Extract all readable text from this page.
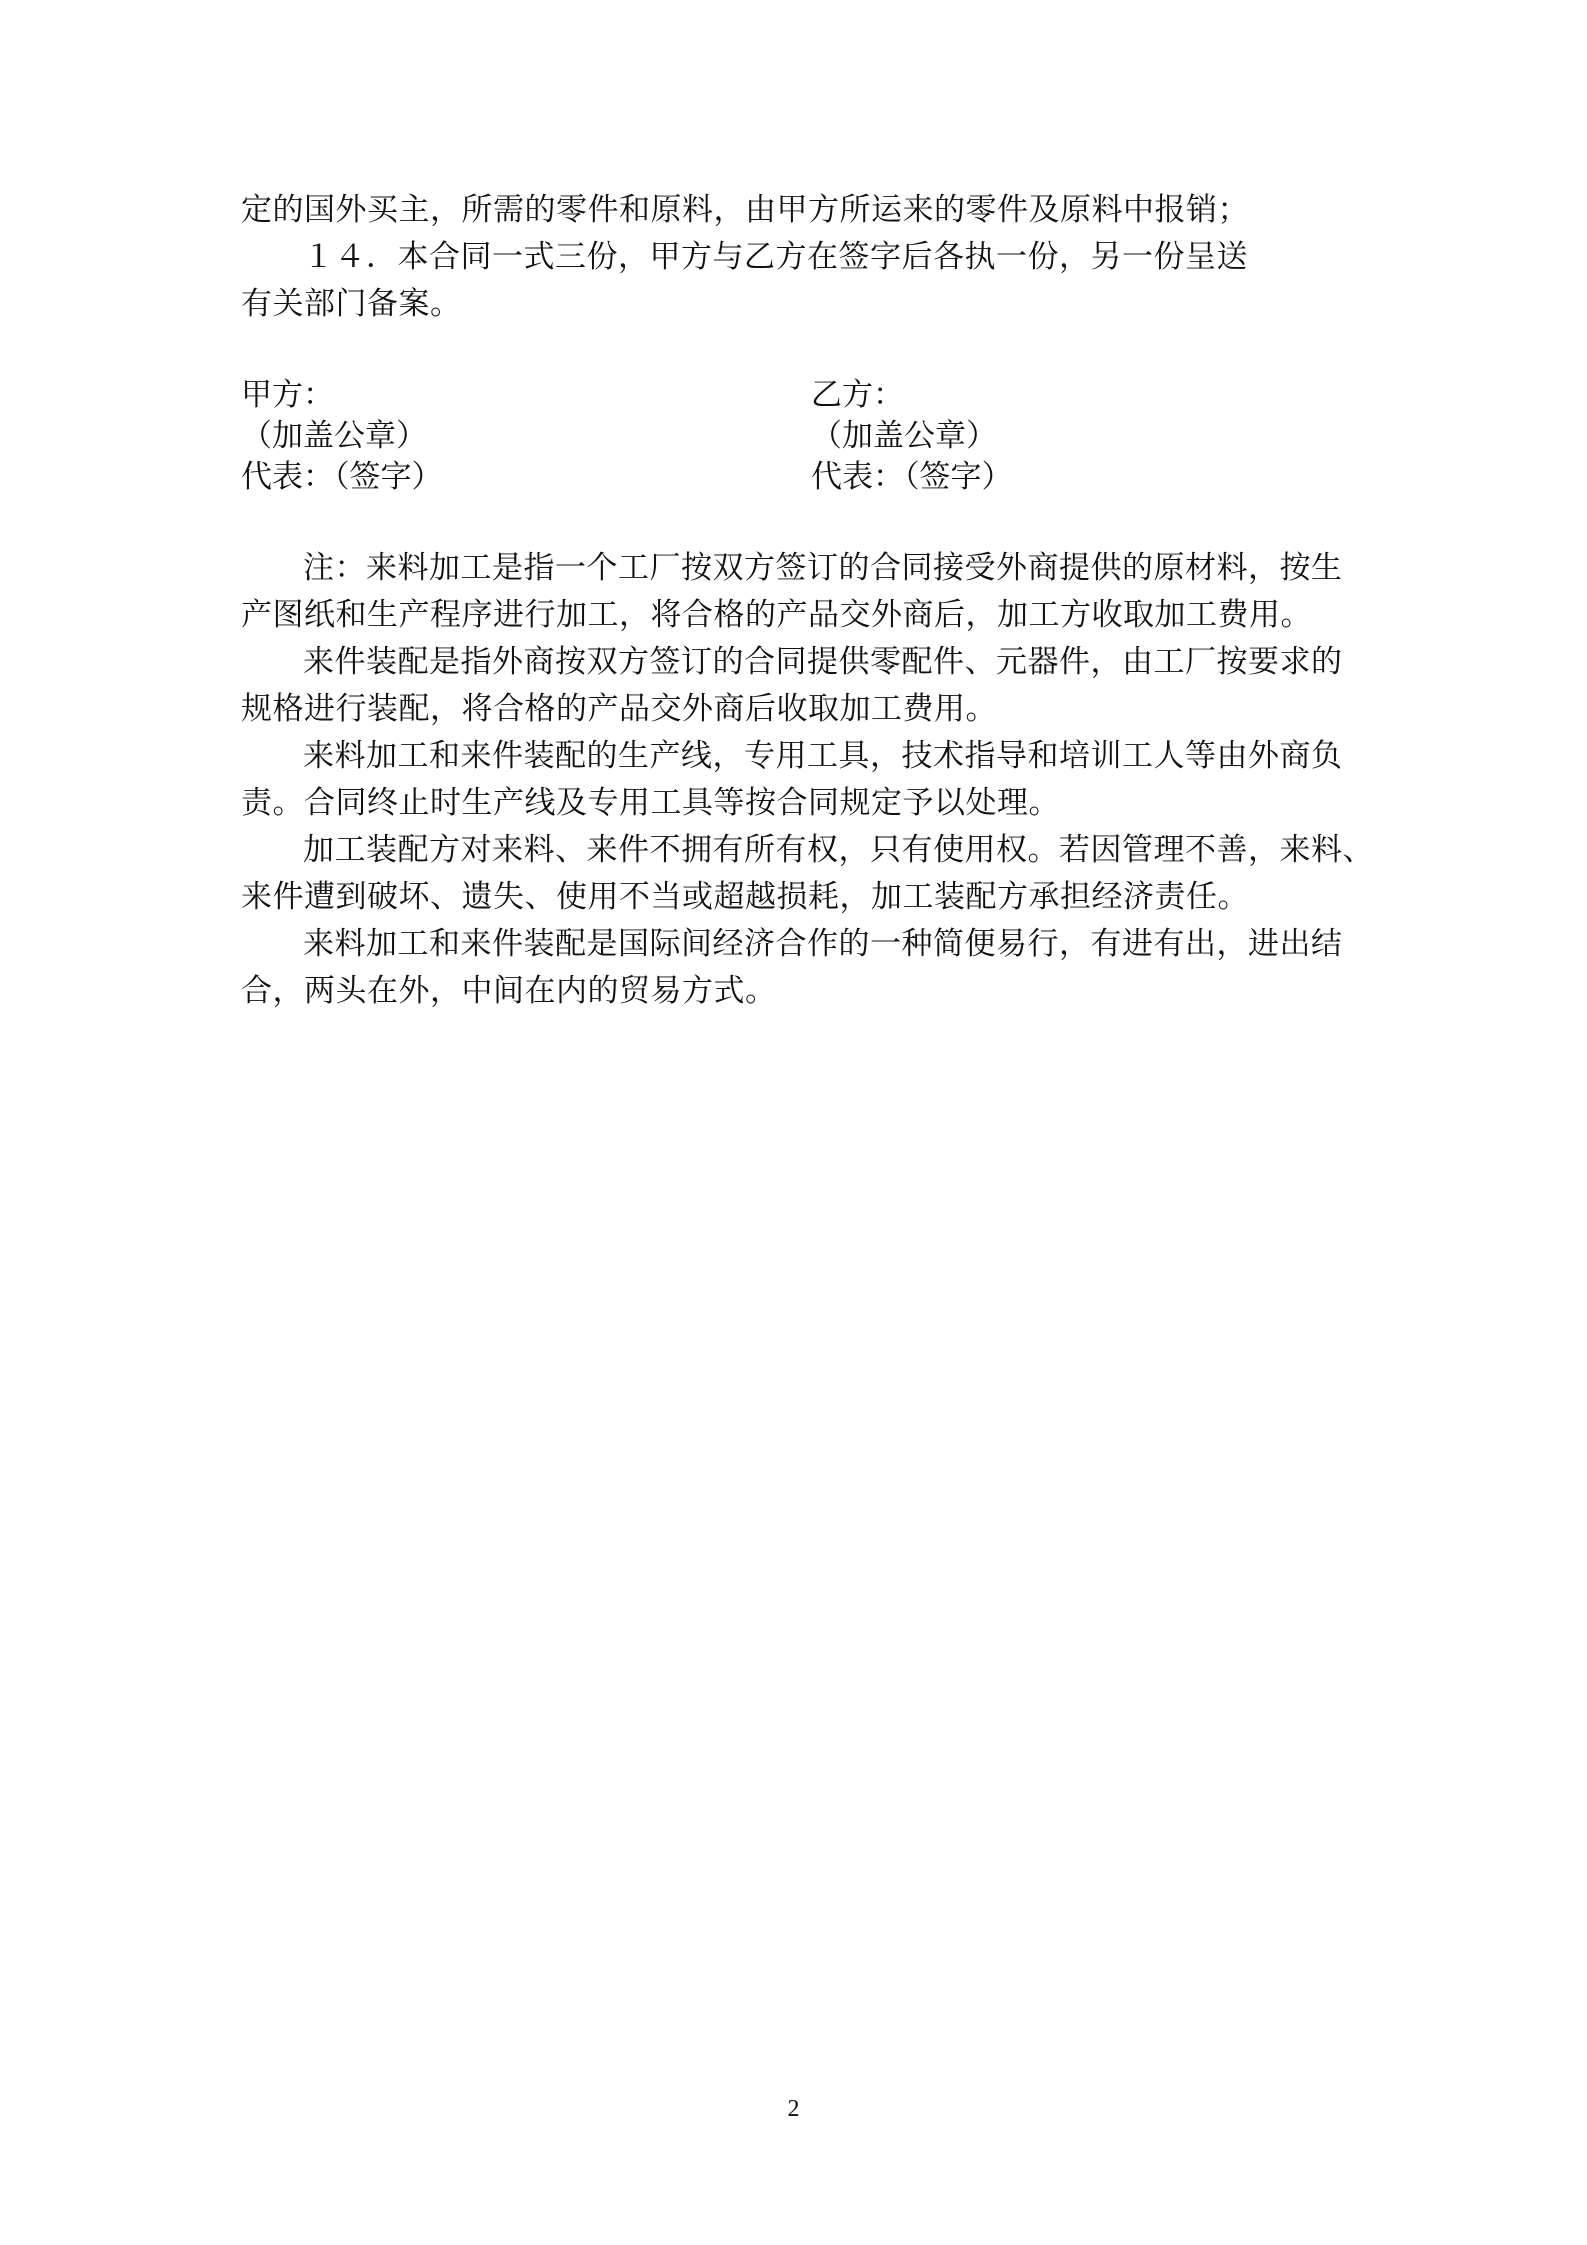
定的国外买主，所需的零件和原料，由甲方所运来的零件及原料中报销；
１４．本合同一式三份，甲方与乙方在签字后各执一份，另一份呈送
有关部门备案。
甲方：	乙方：
（加盖公章）	（加盖公章）
代表：（签字）	代表：（签字）
注：来料加工是指一个工厂按双方签订的合同接受外商提供的原材料，按生
产图纸和生产程序进行加工，将合格的产品交外商后，加工方收取加工费用。
来件装配是指外商按双方签订的合同提供零配件、元器件，由工厂按要求的
规格进行装配，将合格的产品交外商后收取加工费用。
来料加工和来件装配的生产线，专用工具，技术指导和培训工人等由外商负
责。合同终止时生产线及专用工具等按合同规定予以处理。
加工装配方对来料、来件不拥有所有权，只有使用权。若因管理不善，来料、
来件遭到破坏、遗失、使用不当或超越损耗，加工装配方承担经济责任。
来料加工和来件装配是国际间经济合作的一种简便易行，有进有出，进出结
合，两头在外，中间在内的贸易方式。
2
